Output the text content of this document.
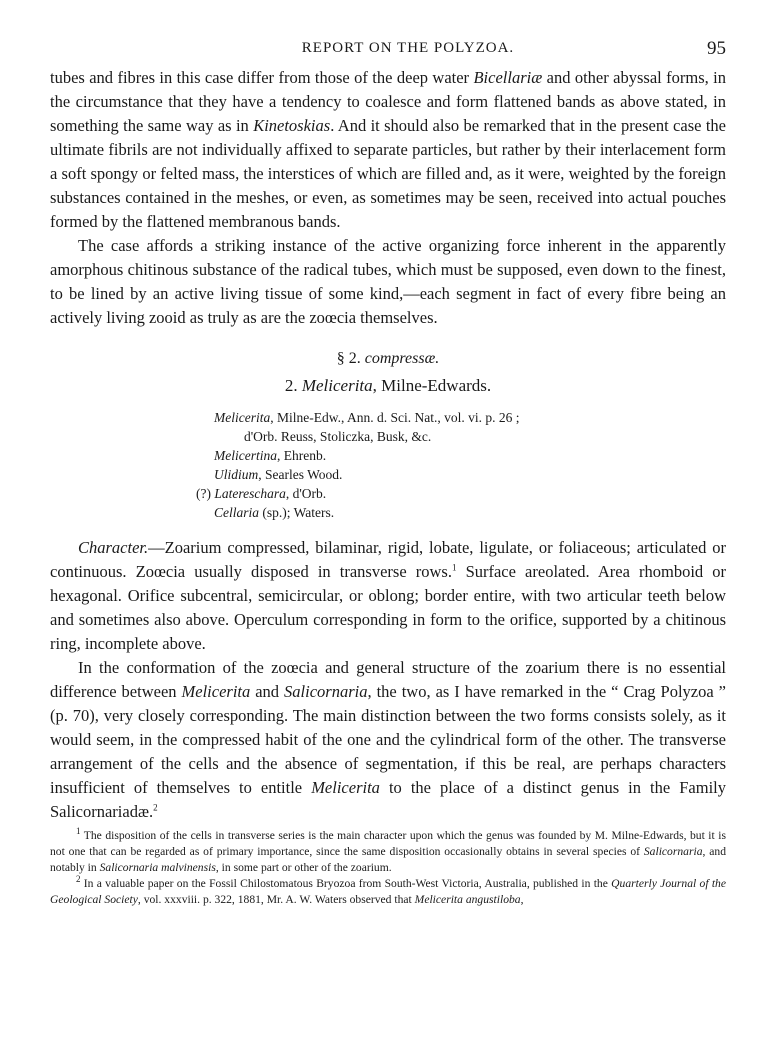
REPORT ON THE POLYZOA.	95

tubes and fibres in this case differ from those of the deep water Bicellariæ and other abyssal forms, in the circumstance that they have a tendency to coalesce and form flattened bands as above stated, in something the same way as in Kinetoskias. And it should also be remarked that in the present case the ultimate fibrils are not individually affixed to separate particles, but rather by their interlacement form a soft spongy or felted mass, the interstices of which are filled and, as it were, weighted by the foreign substances contained in the meshes, or even, as sometimes may be seen, received into actual pouches formed by the flattened membranous bands.

The case affords a striking instance of the active organizing force inherent in the apparently amorphous chitinous substance of the radical tubes, which must be supposed, even down to the finest, to be lined by an active living tissue of some kind,—each segment in fact of every fibre being an actively living zooid as truly as are the zoœcia themselves.

§ 2. compressæ.
2. Melicerita, Milne-Edwards.
Melicerita, Milne-Edw., Ann. d. Sci. Nat., vol. vi. p. 26 ;
d'Orb. Reuss, Stoliczka, Busk, &c.
Melicertina, Ehrenb.
Ulidium, Searles Wood.
(?) Latereschara, d'Orb.
Cellaria (sp.); Waters.

Character.—Zoarium compressed, bilaminar, rigid, lobate, ligulate, or foliaceous; articulated or continuous. Zoœcia usually disposed in transverse rows.$^1$ Surface areolated. Area rhomboid or hexagonal. Orifice subcentral, semicircular, or oblong; border entire, with two articular teeth below and sometimes also above. Operculum corresponding in form to the orifice, supported by a chitinous ring, incomplete above.

In the conformation of the zoœcia and general structure of the zoarium there is no essential difference between Melicerita and Salicornaria, the two, as I have remarked in the “ Crag Polyzoa ” (p. 70), very closely corresponding. The main distinction between the two forms consists solely, as it would seem, in the compressed habit of the one and the cylindrical form of the other. The transverse arrangement of the cells and the absence of segmentation, if this be real, are perhaps characters insufficient of themselves to entitle Melicerita to the place of a distinct genus in the Family Salicornariadæ.$^2$

$^1$ The disposition of the cells in transverse series is the main character upon which the genus was founded by M. Milne-Edwards, but it is not one that can be regarded as of primary importance, since the same disposition occasionally obtains in several species of Salicornaria, and notably in Salicornaria malvinensis, in some part or other of the zoarium.

$^2$ In a valuable paper on the Fossil Chilostomatous Bryozoa from South-West Victoria, Australia, published in the Quarterly Journal of the Geological Society, vol. xxxviii. p. 322, 1881, Mr. A. W. Waters observed that Melicerita angustiloba,
